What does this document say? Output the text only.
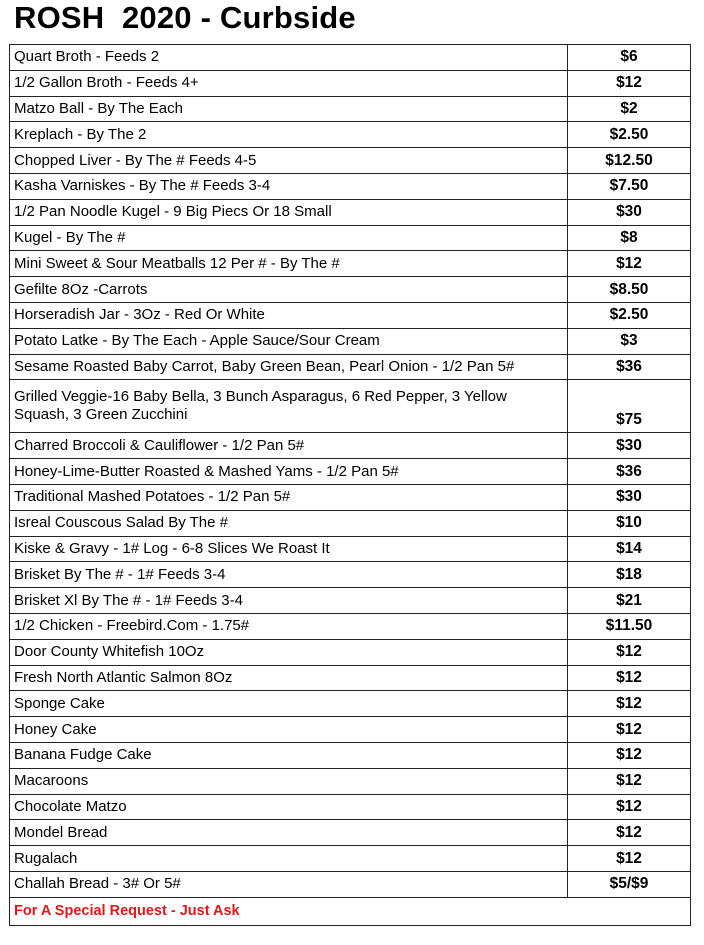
ROSH  2020 - Curbside
Quart Broth - Feeds 2	$6
1/2 Gallon Broth - Feeds 4+	$12
Matzo Ball - By The Each	$2
Kreplach - By The 2	$2.50
Chopped Liver - By The # Feeds 4-5	$12.50
Kasha Varniskes - By The # Feeds 3-4	$7.50
1/2 Pan Noodle Kugel - 9 Big Piecs Or 18 Small	$30
Kugel - By The #	$8
Mini Sweet & Sour Meatballs 12 Per # - By The #	$12
Gefilte 8Oz -Carrots	$8.50
Horseradish Jar - 3Oz - Red Or White	$2.50
Potato Latke - By The Each - Apple Sauce/Sour Cream	$3
Sesame Roasted Baby Carrot, Baby Green Bean, Pearl Onion - 1/2 Pan 5#	$36
Grilled Veggie-16 Baby Bella, 3 Bunch Asparagus, 6 Red Pepper, 3 Yellow Squash, 3 Green Zucchini	$75
Charred Broccoli & Cauliflower - 1/2 Pan 5#	$30
Honey-Lime-Butter Roasted & Mashed Yams - 1/2 Pan 5#	$36
Traditional Mashed Potatoes - 1/2 Pan 5#	$30
Isreal Couscous Salad By The #	$10
Kiske & Gravy - 1# Log - 6-8 Slices We Roast It	$14
Brisket By The # - 1# Feeds 3-4	$18
Brisket Xl By The # - 1# Feeds 3-4	$21
1/2 Chicken - Freebird.Com - 1.75#	$11.50
Door County Whitefish 10Oz	$12
Fresh North Atlantic Salmon 8Oz	$12
Sponge Cake	$12
Honey Cake	$12
Banana Fudge Cake	$12
Macaroons	$12
Chocolate Matzo	$12
Mondel Bread	$12
Rugalach	$12
Challah Bread - 3# Or 5#	$5/$9
For A Special Request - Just Ask	
